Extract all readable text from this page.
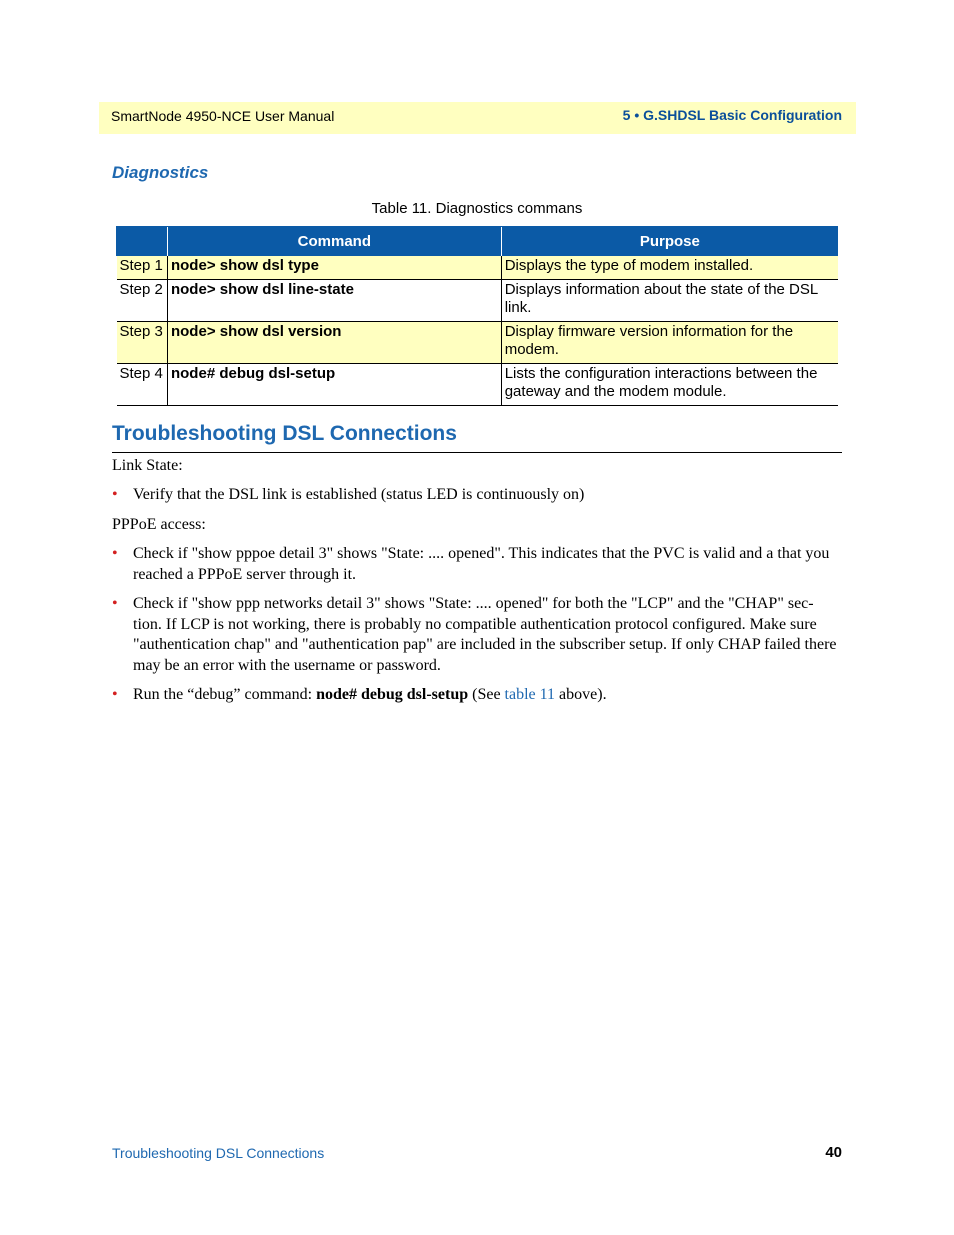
SmartNode 4950-NCE User Manual	5 • G.SHDSL Basic Configuration
Diagnostics
Table 11. Diagnostics commans
	Command	Purpose
Step 1	node> show dsl type	Displays the type of modem installed.
Step 2	node> show dsl line-state	Displays information about the state of the DSL link.
Step 3	node> show dsl version	Display firmware version information for the modem.
Step 4	node# debug dsl-setup	Lists the configuration interactions between the gateway and the modem module.
Troubleshooting DSL Connections
Link State:
• Verify that the DSL link is established (status LED is continuously on)
PPPoE access:
• Check if "show pppoe detail 3" shows "State: .... opened". This indicates that the PVC is valid and a that you reached a PPPoE server through it.
• Check if "show ppp networks detail 3" shows "State: .... opened" for both the "LCP" and the "CHAP" sec-tion. If LCP is not working, there is probably no compatible authentication protocol configured. Make sure "authentication chap" and "authentication pap" are included in the subscriber setup. If only CHAP failed there may be an error with the username or password.
• Run the “debug” command: node# debug dsl-setup (See table 11 above).
Troubleshooting DSL Connections	40
